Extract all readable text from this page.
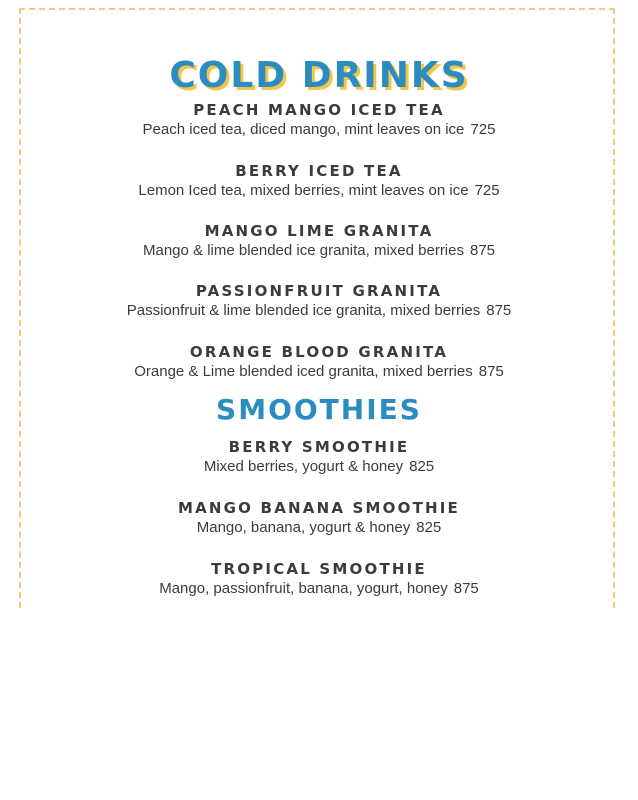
COLD DRINKS
PEACH MANGO ICED TEA
Peach iced tea, diced mango, mint leaves on ice 725
BERRY ICED TEA
Lemon Iced tea, mixed berries, mint leaves on ice 725
MANGO LIME GRANITA
Mango & lime blended ice granita, mixed berries 875
PASSIONFRUIT GRANITA
Passionfruit & lime blended ice granita, mixed berries 875
ORANGE BLOOD GRANITA
Orange & Lime blended iced granita, mixed berries 875
SMOOTHIES
BERRY SMOOTHIE
Mixed berries, yogurt & honey 825
MANGO BANANA SMOOTHIE
Mango, banana, yogurt & honey 825
TROPICAL SMOOTHIE
Mango, passionfruit, banana, yogurt, honey 875
